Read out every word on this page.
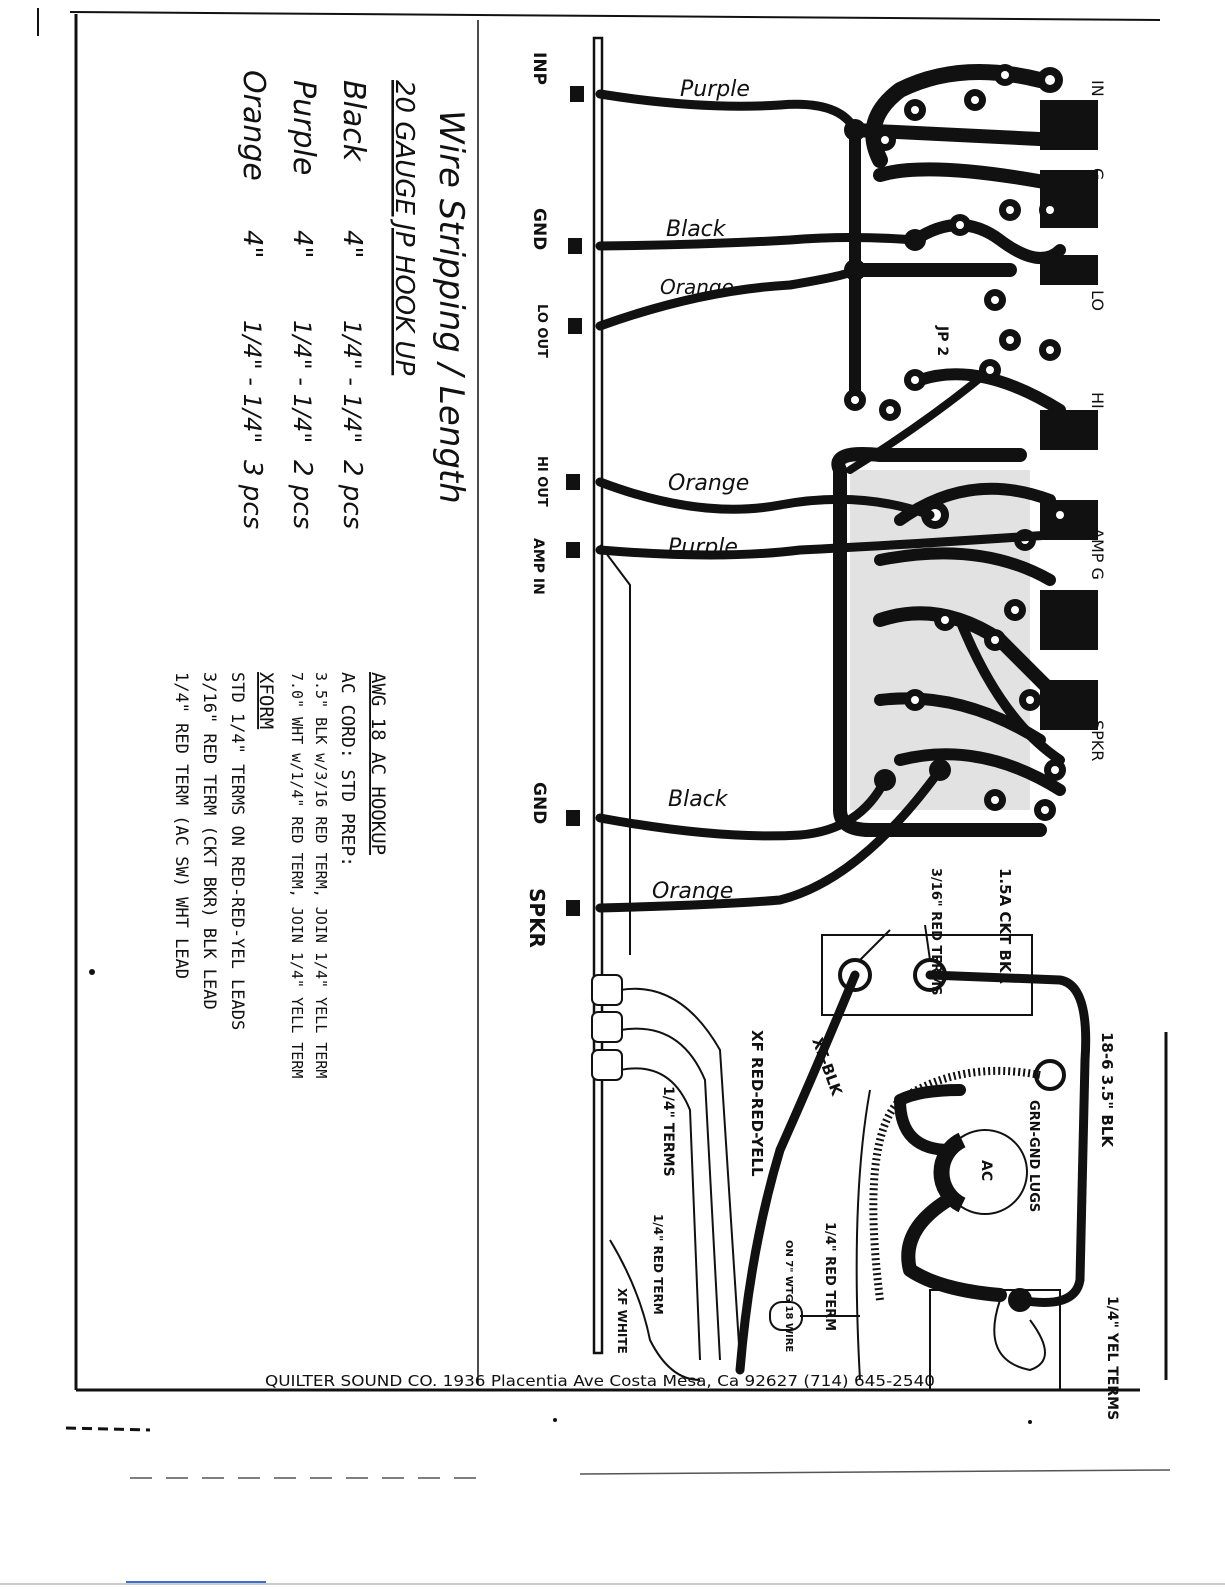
INP
GND
LO OUT
HI OUT
AMP IN
GND
SPKR
IN
G
LO
JP 2
HI
AMP G
SPKR
Purple
Black
Orange
Orange
Purple
Black
Orange	1.5A CKT BKR
3/16" RED TERMS
18-6 3.5" BLK
1/4" YEL TERMS
GRN-GND LUGS
AC
1/4" RED TERM
ON 7" WTG 18 WIRE
XF-BLK
XF RED-RED-YELL
1/4" TERMS
1/4" RED TERM
XF WHITE
Wire Stripping / Length
20 GAUGE JP HOOK UP
Black
4"
1/4" - 1/4"
2 pcs
Purple
4"
1/4" - 1/4"
2 pcs
Orange
4"
1/4" - 1/4"
3 pcs
AWG 18 AC HOOKUP
AC CORD: STD PREP:
3.5" BLK w/3/16 RED TERM, JOIN 1/4" YELL TERM
7.0" WHT w/1/4" RED TERM, JOIN 1/4" YELL TERM
XFORM
STD 1/4" TERMS ON RED-RED-YEL LEADS
3/16" RED TERM (CKT BKR) BLK LEAD
1/4" RED TERM (AC SW) WHT LEAD
QUILTER SOUND CO. 1936 Placentia Ave Costa Mesa, Ca 92627 (714) 645-2540
